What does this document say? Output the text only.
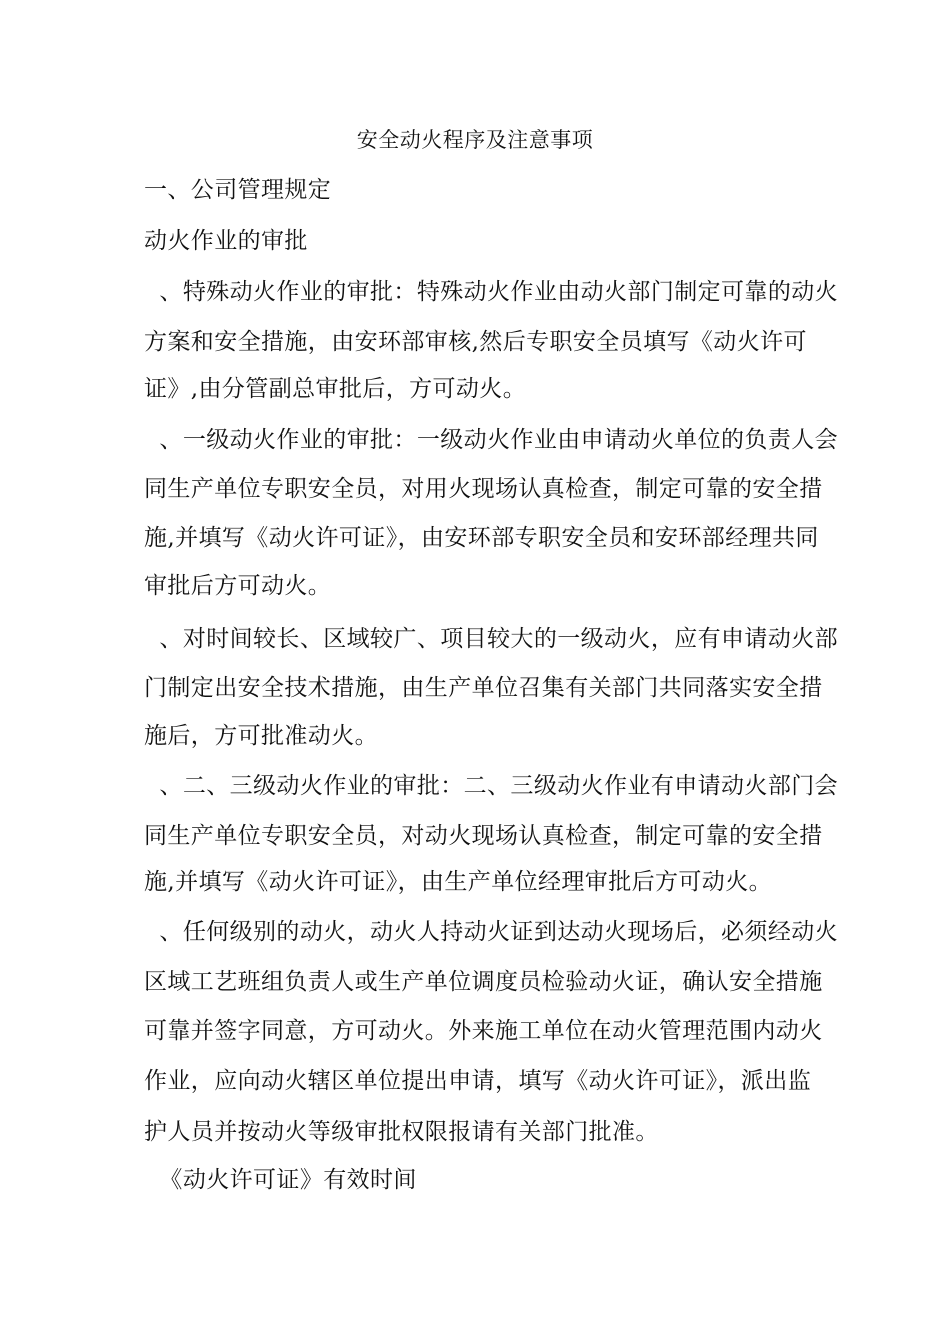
安全动火程序及注意事项
一、公司管理规定
动火作业的审批
、特殊动火作业的审批：特殊动火作业由动火部门制定可靠的动火
方案和安全措施，由安环部审核,然后专职安全员填写《动火许可
证》,由分管副总审批后，方可动火。
、一级动火作业的审批：一级动火作业由申请动火单位的负责人会
同生产单位专职安全员，对用火现场认真检查，制定可靠的安全措
施,并填写《动火许可证》，由安环部专职安全员和安环部经理共同
审批后方可动火。
、对时间较长、区域较广、项目较大的一级动火，应有申请动火部
门制定出安全技术措施，由生产单位召集有关部门共同落实安全措
施后，方可批准动火。
、二、三级动火作业的审批：二、三级动火作业有申请动火部门会
同生产单位专职安全员，对动火现场认真检查，制定可靠的安全措
施,并填写《动火许可证》，由生产单位经理审批后方可动火。
、任何级别的动火，动火人持动火证到达动火现场后，必须经动火
区域工艺班组负责人或生产单位调度员检验动火证，确认安全措施
可靠并签字同意，方可动火。外来施工单位在动火管理范围内动火
作业，应向动火辖区单位提出申请，填写《动火许可证》，派出监
护人员并按动火等级审批权限报请有关部门批准。
《动火许可证》有效时间
